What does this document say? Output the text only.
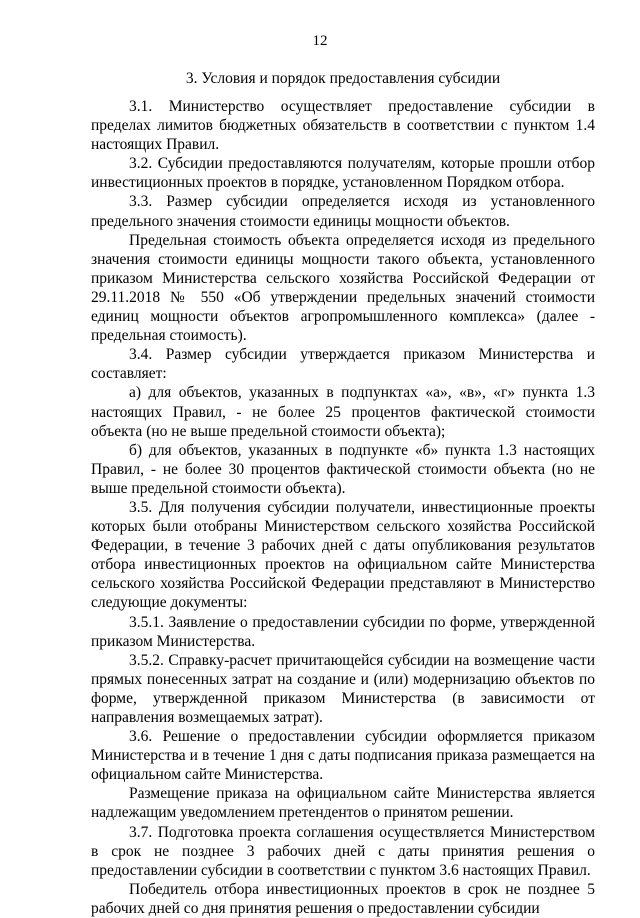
12
3. Условия и порядок предоставления субсидии

3.1. Министерство осуществляет предоставление субсидии в пределах лимитов бюджетных обязательств в соответствии с пунктом 1.4 настоящих Правил.

3.2. Субсидии предоставляются получателям, которые прошли отбор инвестиционных проектов в порядке, установленном Порядком отбора.

3.3. Размер субсидии определяется исходя из установленного предельного значения стоимости единицы мощности объектов.

Предельная стоимость объекта определяется исходя из предельного значения стоимости единицы мощности такого объекта, установленного приказом Министерства сельского хозяйства Российской Федерации от 29.11.2018 № 550 «Об утверждении предельных значений стоимости единиц мощности объектов агропромышленного комплекса» (далее - предельная стоимость).

3.4. Размер субсидии утверждается приказом Министерства и составляет:

а) для объектов, указанных в подпунктах «а», «в», «г» пункта 1.3 настоящих Правил, - не более 25 процентов фактической стоимости объекта (но не выше предельной стоимости объекта);

б) для объектов, указанных в подпункте «б» пункта 1.3 настоящих Правил, - не более 30 процентов фактической стоимости объекта (но не выше предельной стоимости объекта).

3.5. Для получения субсидии получатели, инвестиционные проекты которых были отобраны Министерством сельского хозяйства Российской Федерации, в течение 3 рабочих дней с даты опубликования результатов отбора инвестиционных проектов на официальном сайте Министерства сельского хозяйства Российской Федерации представляют в Министерство следующие документы:

3.5.1. Заявление о предоставлении субсидии по форме, утвержденной приказом Министерства.

3.5.2. Справку-расчет причитающейся субсидии на возмещение части прямых понесенных затрат на создание и (или) модернизацию объектов по форме, утвержденной приказом Министерства (в зависимости от направления возмещаемых затрат).

3.6. Решение о предоставлении субсидии оформляется приказом Министерства и в течение 1 дня с даты подписания приказа размещается на официальном сайте Министерства.

Размещение приказа на официальном сайте Министерства является надлежащим уведомлением претендентов о принятом решении.

3.7. Подготовка проекта соглашения осуществляется Министерством в срок не позднее 3 рабочих дней с даты принятия решения о предоставлении субсидии в соответствии с пунктом 3.6 настоящих Правил.

Победитель отбора инвестиционных проектов в срок не позднее 5 рабочих дней со дня принятия решения о предоставлении субсидии
